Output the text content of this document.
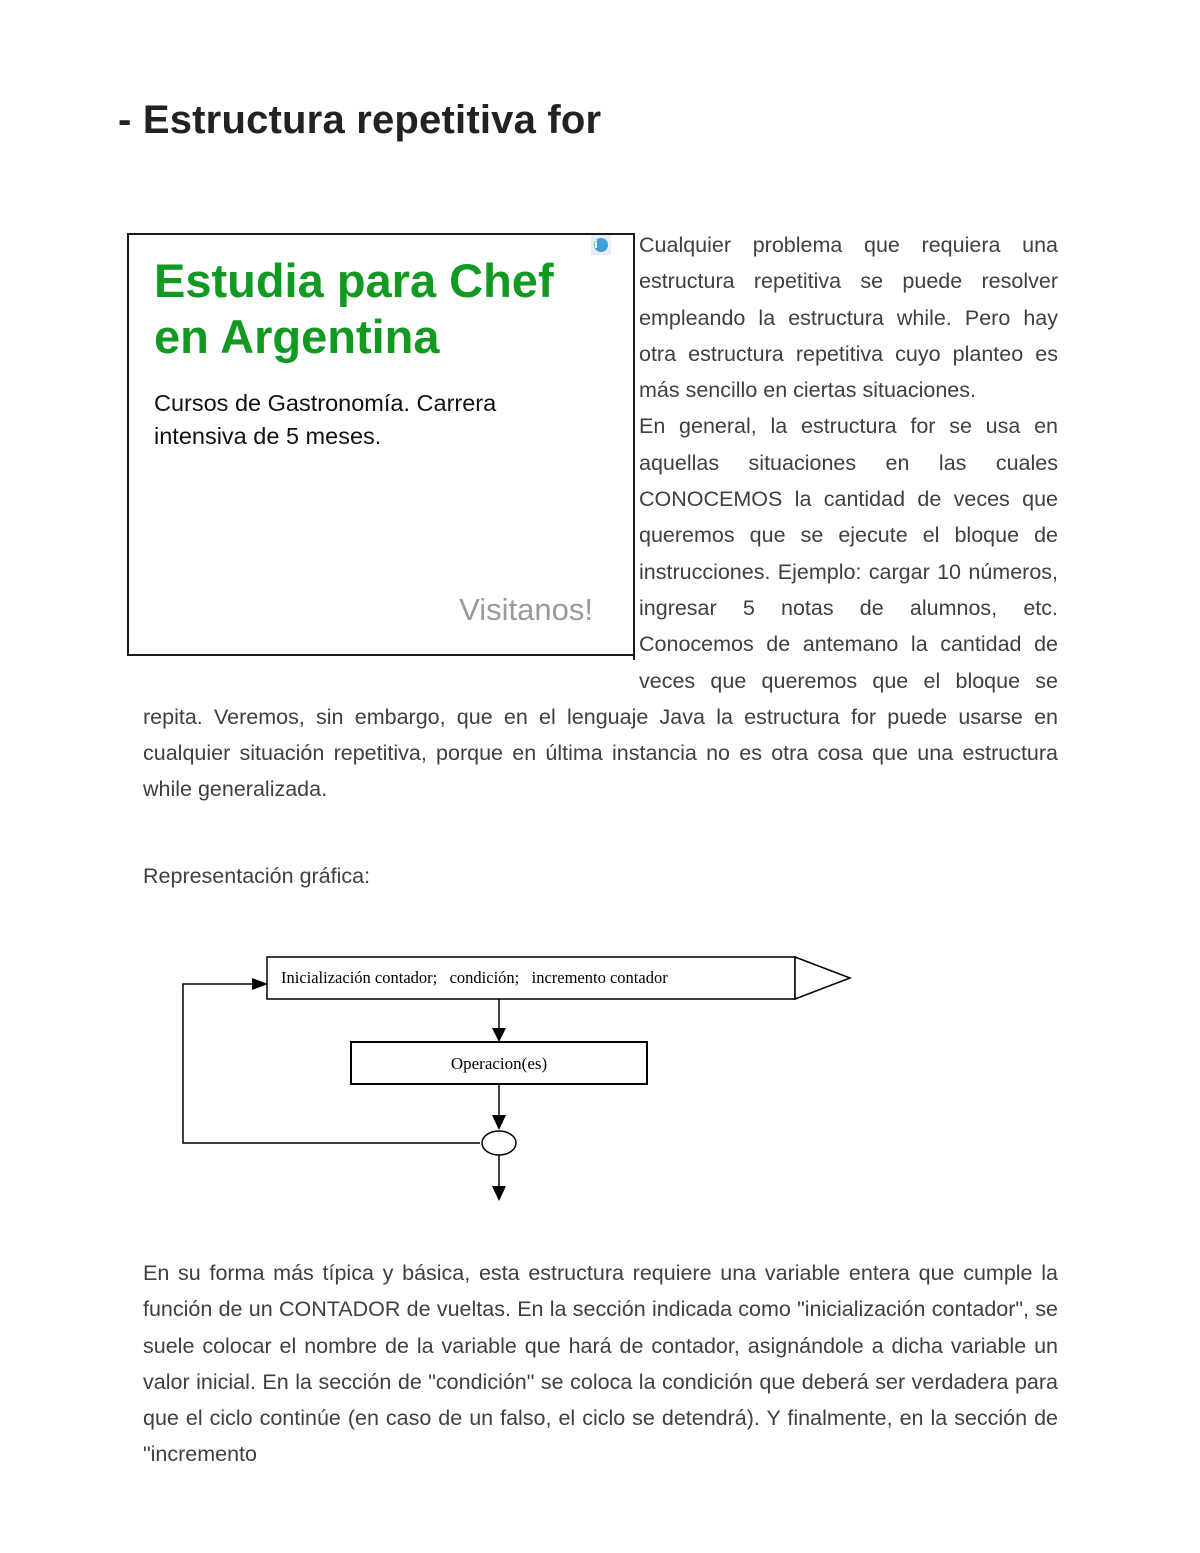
- Estructura repetitiva for
i

Estudia para Chef en Argentina

Cursos de Gastronomía. Carrera intensiva de 5 meses.

Visitanos!
Cualquier problema que requiera una estructura repetitiva se puede resolver empleando la estructura while. Pero hay otra estructura repetitiva cuyo planteo es más sencillo en ciertas situaciones.
En general, la estructura for se usa en aquellas situaciones en las cuales CONOCEMOS la cantidad de veces que queremos que se ejecute el bloque de instrucciones. Ejemplo: cargar 10 números, ingresar 5 notas de alumnos, etc. Conocemos de antemano la cantidad de veces que queremos que el bloque se repita. Veremos, sin embargo, que en el lenguaje Java la estructura for puede usarse en cualquier situación repetitiva, porque en última instancia no es otra cosa que una estructura while generalizada.

Representación gráfica:

Inicialización contador;   condición;   incremento contador
Operacion(es)

En su forma más típica y básica, esta estructura requiere una variable entera que cumple la función de un CONTADOR de vueltas. En la sección indicada como "inicialización contador", se suele colocar el nombre de la variable que hará de contador, asignándole a dicha variable un valor inicial. En la sección de "condición" se coloca la condición que deberá ser verdadera para que el ciclo continúe (en caso de un falso, el ciclo se detendrá). Y finalmente, en la sección de "incremento
